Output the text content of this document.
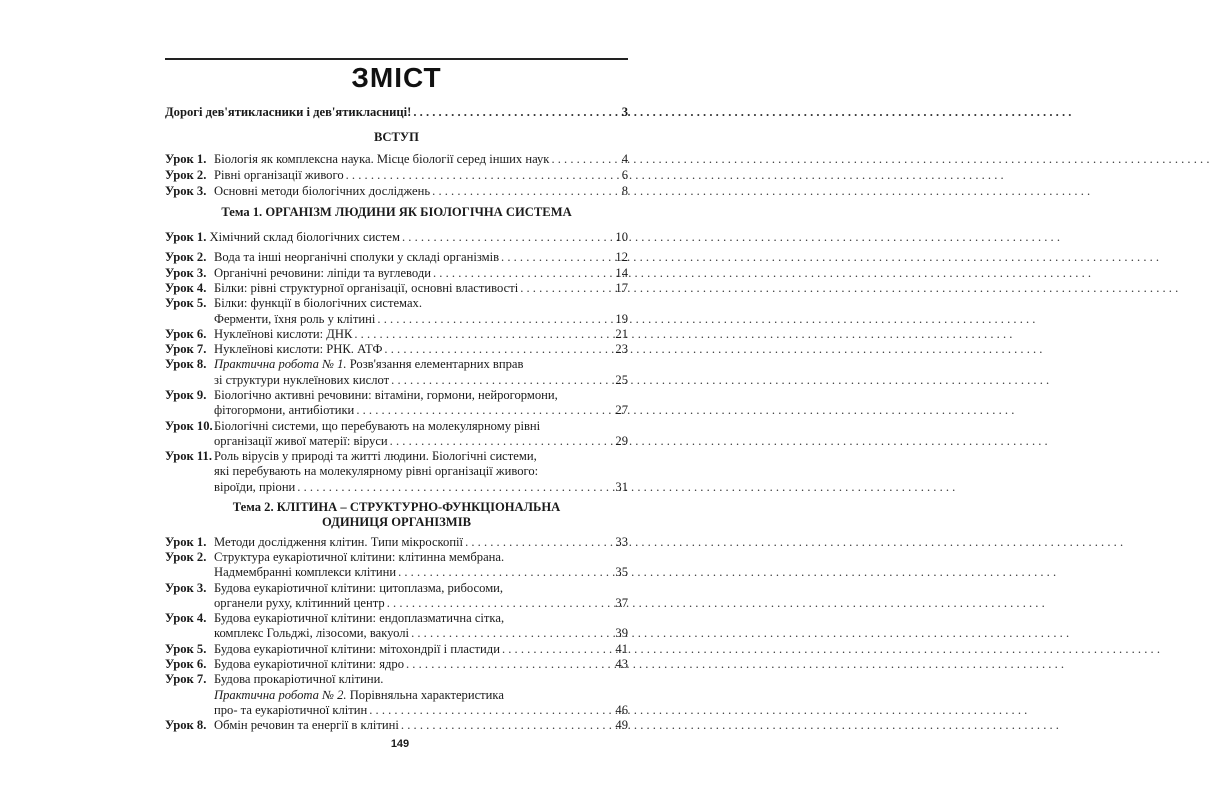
ЗМІСТ
Дорогі дев'ятикласники і дев'ятикласниці! . . .	3
ВСТУП
Урок 1. Біологія як комплексна наука. Місце біології серед інших наук . . .	4
Урок 2. Рівні організації живого . . .	6
Урок 3. Основні методи біологічних досліджень . . .	8
Тема 1. ОРГАНІЗМ ЛЮДИНИ ЯК БІОЛОГІЧНА СИСТЕМА
Урок 1. Хімічний склад біологічних систем . . .	10
Урок 2. Вода та інші неорганічні сполуки у складі організмів . . .	12
Урок 3. Органічні речовини: ліпіди та вуглеводи . . .	14
Урок 4. Білки: рівні структурної організації, основні властивості . . .	17
Урок 5. Білки: функції в біологічних системах.
Ферменти, їхня роль у клітині . . .	19
Урок 6. Нуклеїнові кислоти: ДНК . . .	21
Урок 7. Нуклеїнові кислоти: РНК. АТФ . . .	23
Урок 8. Практична робота № 1. Розв'язання елементарних вправ
зі структури нуклеїнових кислот . . .	25
Урок 9. Біологічно активні речовини: вітаміни, гормони, нейрогормони,
фітогормони, антибіотики . . .	27
Урок 10. Біологічні системи, що перебувають на молекулярному рівні
організації живої матерії: віруси . . .	29
Урок 11. Роль вірусів у природі та житті людини. Біологічні системи,
які перебувають на молекулярному рівні організації живого:
віроїди, пріони . . .	31
Тема 2. КЛІТИНА – СТРУКТУРНО-ФУНКЦІОНАЛЬНА
ОДИНИЦЯ ОРГАНІЗМІВ
Урок 1. Методи дослідження клітин. Типи мікроскопії . . .	33
Урок 2. Структура еукаріотичної клітини: клітинна мембрана.
Надмембранні комплекси клітини . . .	35
Урок 3. Будова еукаріотичної клітини: цитоплазма, рибосоми,
органели руху, клітинний центр . . .	37
Урок 4. Будова еукаріотичної клітини: ендоплазматична сітка,
комплекс Гольджі, лізосоми, вакуолі . . .	39
Урок 5. Будова еукаріотичної клітини: мітохондрії і пластиди . . .	41
Урок 6. Будова еукаріотичної клітини: ядро . . .	43
Урок 7. Будова прокаріотичної клітини.
Практична робота № 2. Порівняльна характеристика
про- та еукаріотичної клітин . . .	46
Урок 8. Обмін речовин та енергії в клітині . . .	49
149
